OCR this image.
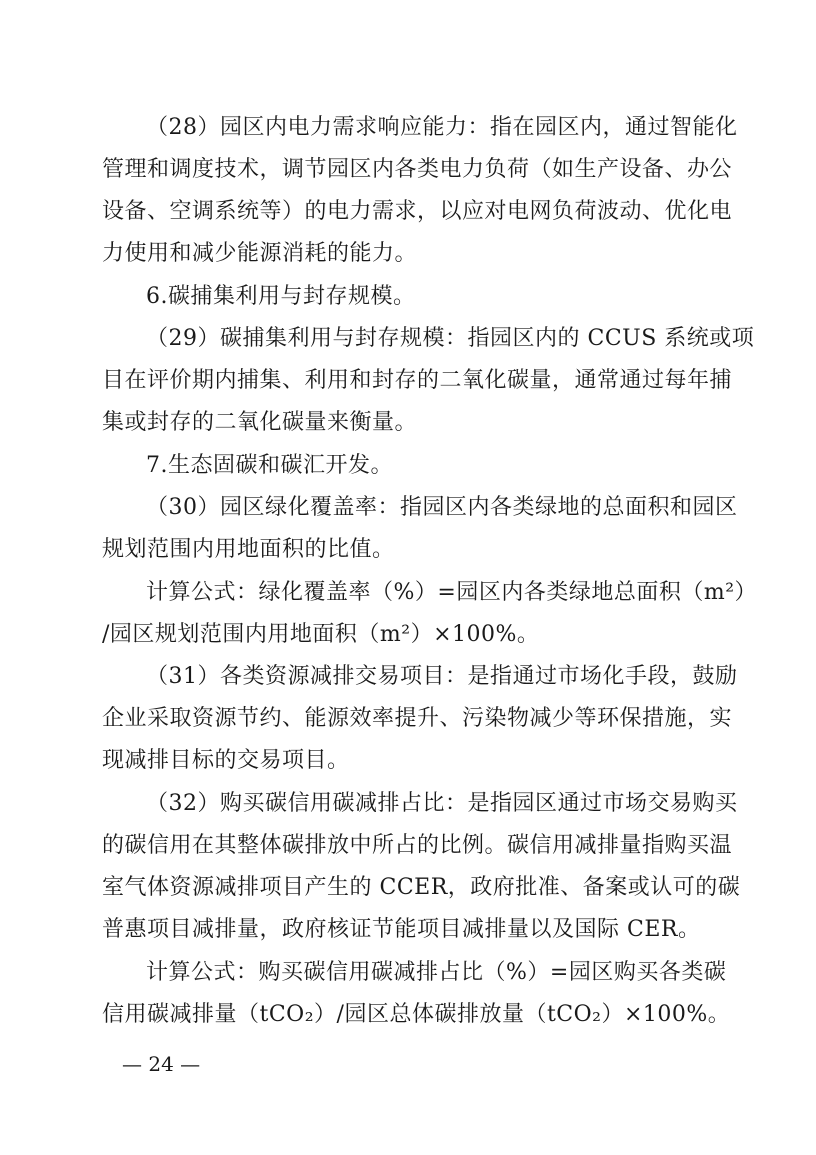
（28）园区内电力需求响应能力：指在园区内，通过智能化
管理和调度技术，调节园区内各类电力负荷（如生产设备、办公
设备、空调系统等）的电力需求，以应对电网负荷波动、优化电
力使用和减少能源消耗的能力。
6.碳捕集利用与封存规模。
（29）碳捕集利用与封存规模：指园区内的 CCUS 系统或项
目在评价期内捕集、利用和封存的二氧化碳量，通常通过每年捕
集或封存的二氧化碳量来衡量。
7.生态固碳和碳汇开发。
（30）园区绿化覆盖率：指园区内各类绿地的总面积和园区
规划范围内用地面积的比值。
计算公式：绿化覆盖率（%）=园区内各类绿地总面积（m²）
/园区规划范围内用地面积（m²）×100%。
（31）各类资源减排交易项目：是指通过市场化手段，鼓励
企业采取资源节约、能源效率提升、污染物减少等环保措施，实
现减排目标的交易项目。
（32）购买碳信用碳减排占比：是指园区通过市场交易购买
的碳信用在其整体碳排放中所占的比例。碳信用减排量指购买温
室气体资源减排项目产生的 CCER，政府批准、备案或认可的碳
普惠项目减排量，政府核证节能项目减排量以及国际 CER。
计算公式：购买碳信用碳减排占比（%）=园区购买各类碳
信用碳减排量（tCO₂）/园区总体碳排放量（tCO₂）×100%。
— 24 —
